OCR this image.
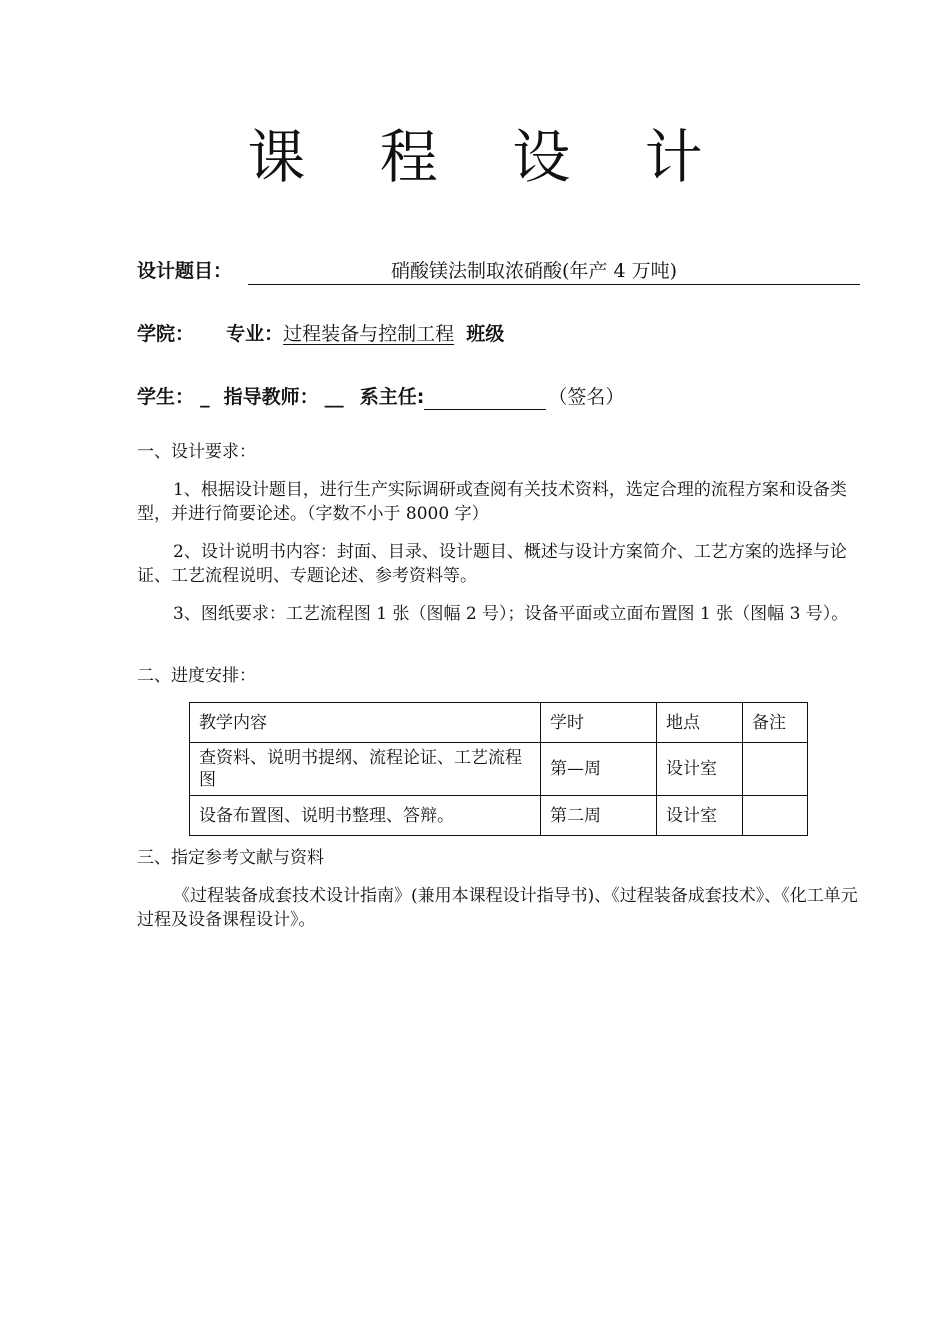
课 程 设 计
设计题目：	硝酸镁法制取浓硝酸(年产 4 万吨)
学院： 专业：过程装备与控制工程 班级
学生： _ 指导教师： __ 系主任:	（签名）
一、设计要求：
1、根据设计题目，进行生产实际调研或查阅有关技术资料，选定合理的流程方案和设备类型，并进行简要论述。（字数不小于 8000 字）
2、设计说明书内容：封面、目录、设计题目、概述与设计方案简介、工艺方案的选择与论证、工艺流程说明、专题论述、参考资料等。
3、图纸要求：工艺流程图 1 张（图幅 2 号）；设备平面或立面布置图 1 张（图幅 3 号）。
二、进度安排：
教学内容	学时	地点	备注
查资料、说明书提纲、流程论证、工艺流程图	第—周	设计室	
设备布置图、说明书整理、答辩。	第二周	设计室	
三、指定参考文献与资料
《过程装备成套技术设计指南》(兼用本课程设计指导书)、《过程装备成套技术》、《化工单元过程及设备课程设计》。
